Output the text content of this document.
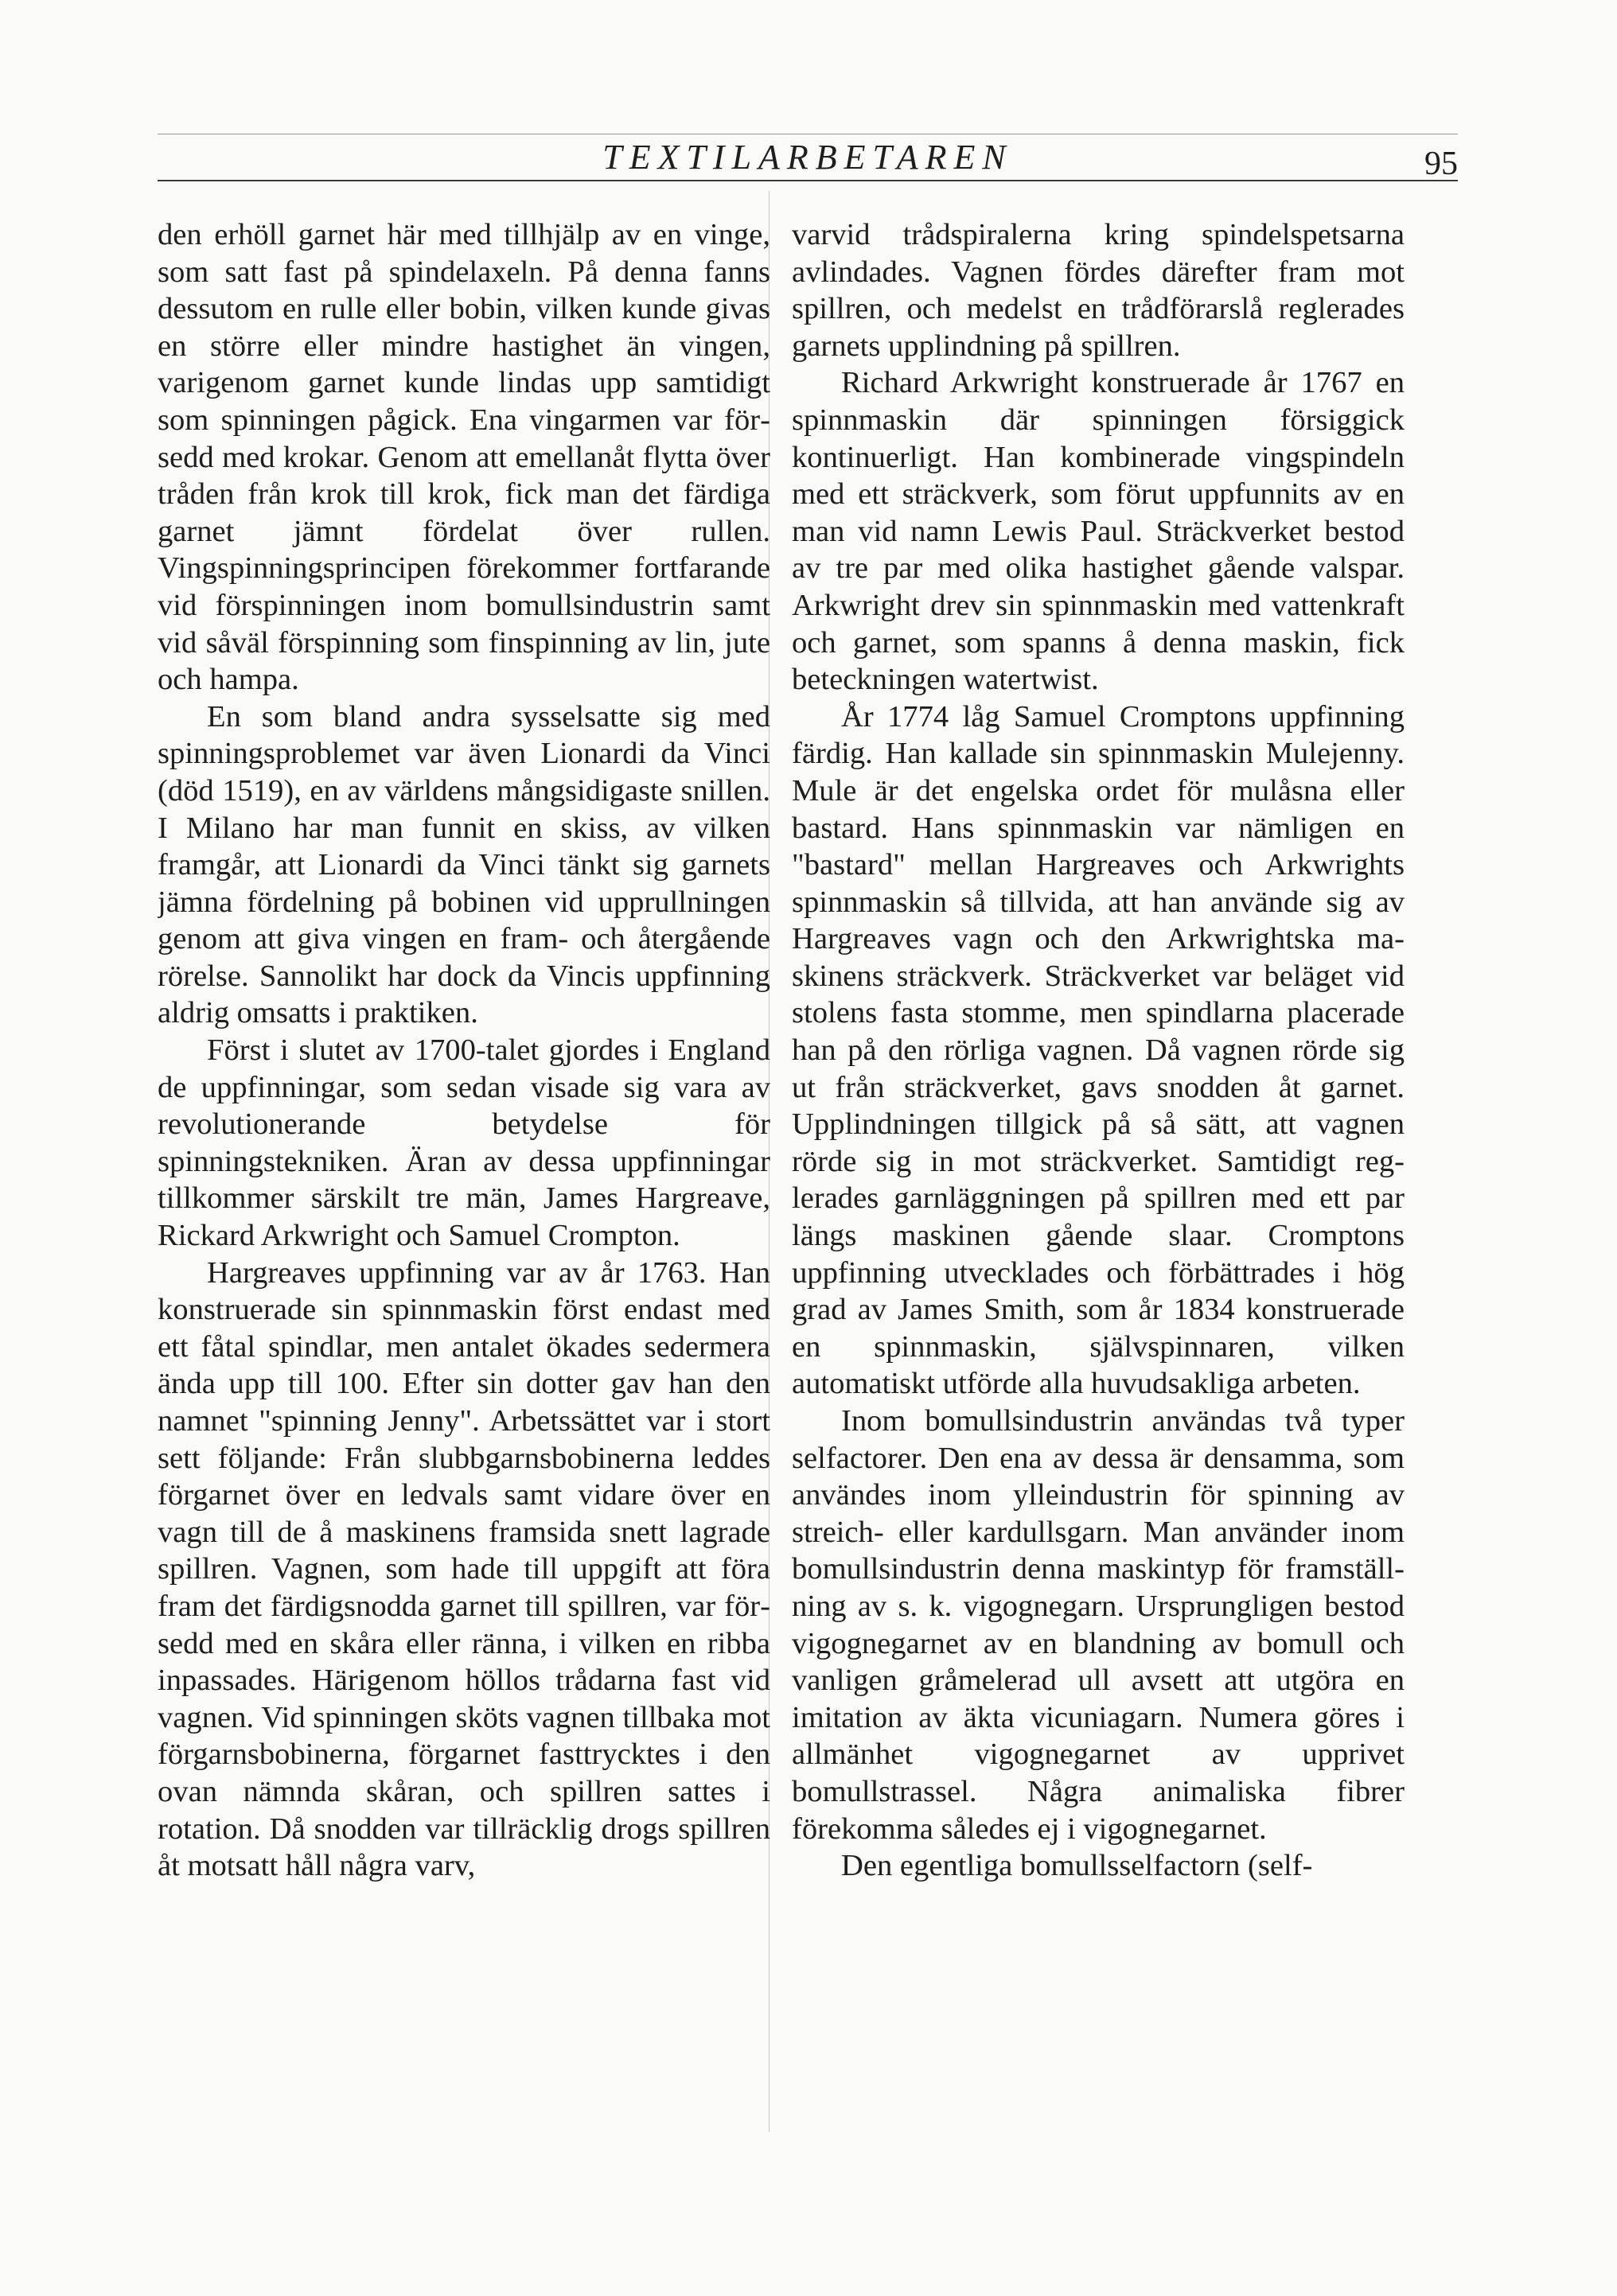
TEXTILARBETAREN	95

den erhöll garnet här med tillhjälp av en vinge, som satt fast på spindelaxeln. På denna fanns dessutom en rulle eller bobin, vilken kunde givas en större eller mindre hastighet än vingen, varigenom garnet kunde lindas upp samtidigt som spinningen pågick. Ena vingarmen var försedd med krokar. Genom att emellanåt flytta över tråden från krok till krok, fick man det färdiga garnet jämnt fördelat över rullen. Vingspinningsprincipen förekommer fortfarande vid förspinningen inom bomullsindustrin samt vid såväl förspinning som finspinning av lin, jute och hampa.

En som bland andra sysselsatte sig med spinningsproblemet var även Lionardi da Vinci (död 1519), en av världens mångsidigaste snillen. I Milano har man funnit en skiss, av vilken framgår, att Lionardi da Vinci tänkt sig garnets jämna fördelning på bobinen vid upprullningen genom att giva vingen en fram- och återgående rörelse. Sannolikt har dock da Vincis uppfinning aldrig omsatts i praktiken.

Först i slutet av 1700-talet gjordes i England de uppfinningar, som sedan visade sig vara av revolutionerande betydelse för spinningstekniken. Äran av dessa uppfinningar tillkommer särskilt tre män, James Hargreave, Rickard Arkwright och Samuel Crompton.

Hargreaves uppfinning var av år 1763. Han konstruerade sin spinnmaskin först endast med ett fåtal spindlar, men antalet ökades sedermera ända upp till 100. Efter sin dotter gav han den namnet "spinning Jenny". Arbetssättet var i stort sett följande: Från slubbgarnsbobinerna leddes förgarnet över en ledvals samt vidare över en vagn till de å maskinens framsida snett lagrade spillren. Vagnen, som hade till uppgift att föra fram det färdigsnodda garnet till spillren, var försedd med en skåra eller ränna, i vilken en ribba inpassades. Härigenom höllos trådarna fast vid vagnen. Vid spinningen sköts vagnen tillbaka mot förgarnsbobinerna, förgarnet fasttrycktes i den ovan nämnda skåran, och spillren sattes i rotation. Då snodden var tillräcklig drogs spillren åt motsatt håll några varv,

varvid trådspiralerna kring spindelspetsarna avlindades. Vagnen fördes därefter fram mot spillren, och medelst en trådförarslå reglerades garnets upplindning på spillren.

Richard Arkwright konstruerade år 1767 en spinnmaskin där spinningen försiggick kontinuerligt. Han kombinerade vingspindeln med ett sträckverk, som förut uppfunnits av en man vid namn Lewis Paul. Sträckverket bestod av tre par med olika hastighet gående valspar. Arkwright drev sin spinnmaskin med vattenkraft och garnet, som spanns å denna maskin, fick beteckningen watertwist.

År 1774 låg Samuel Cromptons uppfinning färdig. Han kallade sin spinnmaskin Mulejenny. Mule är det engelska ordet för mulåsna eller bastard. Hans spinnmaskin var nämligen en "bastard" mellan Hargreaves och Arkwrights spinnmaskin så tillvida, att han använde sig av Hargreaves vagn och den Arkwrightska maskinens sträckverk. Sträckverket var beläget vid stolens fasta stomme, men spindlarna placerade han på den rörliga vagnen. Då vagnen rörde sig ut från sträckverket, gavs snodden åt garnet. Upplindningen tillgick på så sätt, att vagnen rörde sig in mot sträckverket. Samtidigt reglerades garnläggningen på spillren med ett par längs maskinen gående slaar. Cromptons uppfinning utvecklades och förbättrades i hög grad av James Smith, som år 1834 konstruerade en spinnmaskin, självspinnaren, vilken automatiskt utförde alla huvudsakliga arbeten.

Inom bomullsindustrin användas två typer selfactorer. Den ena av dessa är densamma, som användes inom ylleindustrin för spinning av streich- eller kardullsgarn. Man använder inom bomullsindustrin denna maskintyp för framställning av s. k. vigognegarn. Ursprungligen bestod vigognegarnet av en blandning av bomull och vanligen gråmelerad ull avsett att utgöra en imitation av äkta vicuniagarn. Numera göres i allmänhet vigognegarnet av upprivet bomullstrassel. Några animaliska fibrer förekomma således ej i vigognegarnet.

Den egentliga bomullsselfactorn (self-
